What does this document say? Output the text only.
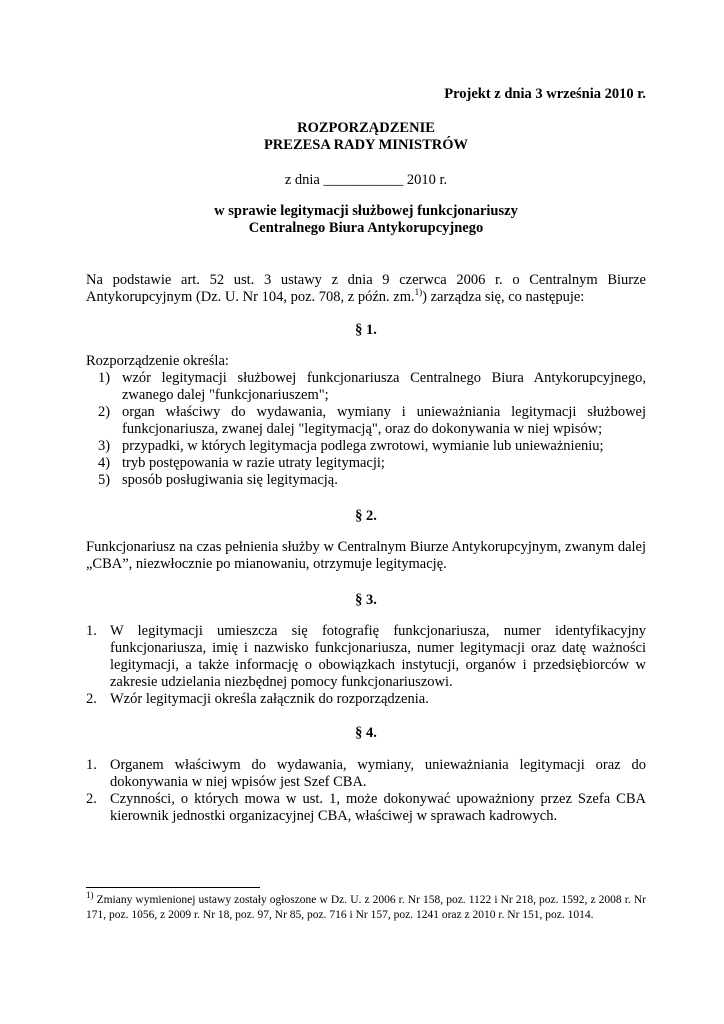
Projekt z dnia 3 września 2010 r.
ROZPORZĄDZENIE
PREZESA RADY MINISTRÓW
z dnia ___________ 2010 r.
w sprawie legitymacji służbowej funkcjonariuszy
Centralnego Biura Antykorupcyjnego
Na podstawie art. 52 ust. 3 ustawy z dnia 9 czerwca 2006 r. o Centralnym Biurze Antykorupcyjnym (Dz. U. Nr 104, poz. 708, z późn. zm.$^{1)}$) zarządza się, co następuje:
§ 1.
Rozporządzenie określa:
1) wzór legitymacji służbowej funkcjonariusza Centralnego Biura Antykorupcyjnego, zwanego dalej "funkcjonariuszem";
2) organ właściwy do wydawania, wymiany i unieważniania legitymacji służbowej funkcjonariusza, zwanej dalej "legitymacją", oraz do dokonywania w niej wpisów;
3) przypadki, w których legitymacja podlega zwrotowi, wymianie lub unieważnieniu;
4) tryb postępowania w razie utraty legitymacji;
5) sposób posługiwania się legitymacją.
§ 2.
Funkcjonariusz na czas pełnienia służby w Centralnym Biurze Antykorupcyjnym, zwanym dalej „CBA”, niezwłocznie po mianowaniu, otrzymuje legitymację.
§ 3.
1. W legitymacji umieszcza się fotografię funkcjonariusza, numer identyfikacyjny funkcjonariusza, imię i nazwisko funkcjonariusza, numer legitymacji oraz datę ważności legitymacji, a także informację o obowiązkach instytucji, organów i przedsiębiorców w zakresie udzielania niezbędnej pomocy funkcjonariuszowi.
2. Wzór legitymacji określa załącznik do rozporządzenia.
§ 4.
1. Organem właściwym do wydawania, wymiany, unieważniania legitymacji oraz do dokonywania w niej wpisów jest Szef CBA.
2. Czynności, o których mowa w ust. 1, może dokonywać upoważniony przez Szefa CBA kierownik jednostki organizacyjnej CBA, właściwej w sprawach kadrowych.
$^{1)}$ Zmiany wymienionej ustawy zostały ogłoszone w Dz. U. z 2006 r. Nr 158, poz. 1122 i Nr 218, poz. 1592, z 2008 r. Nr 171, poz. 1056, z 2009 r. Nr 18, poz. 97, Nr 85, poz. 716 i Nr 157, poz. 1241 oraz z 2010 r. Nr 151, poz. 1014.
